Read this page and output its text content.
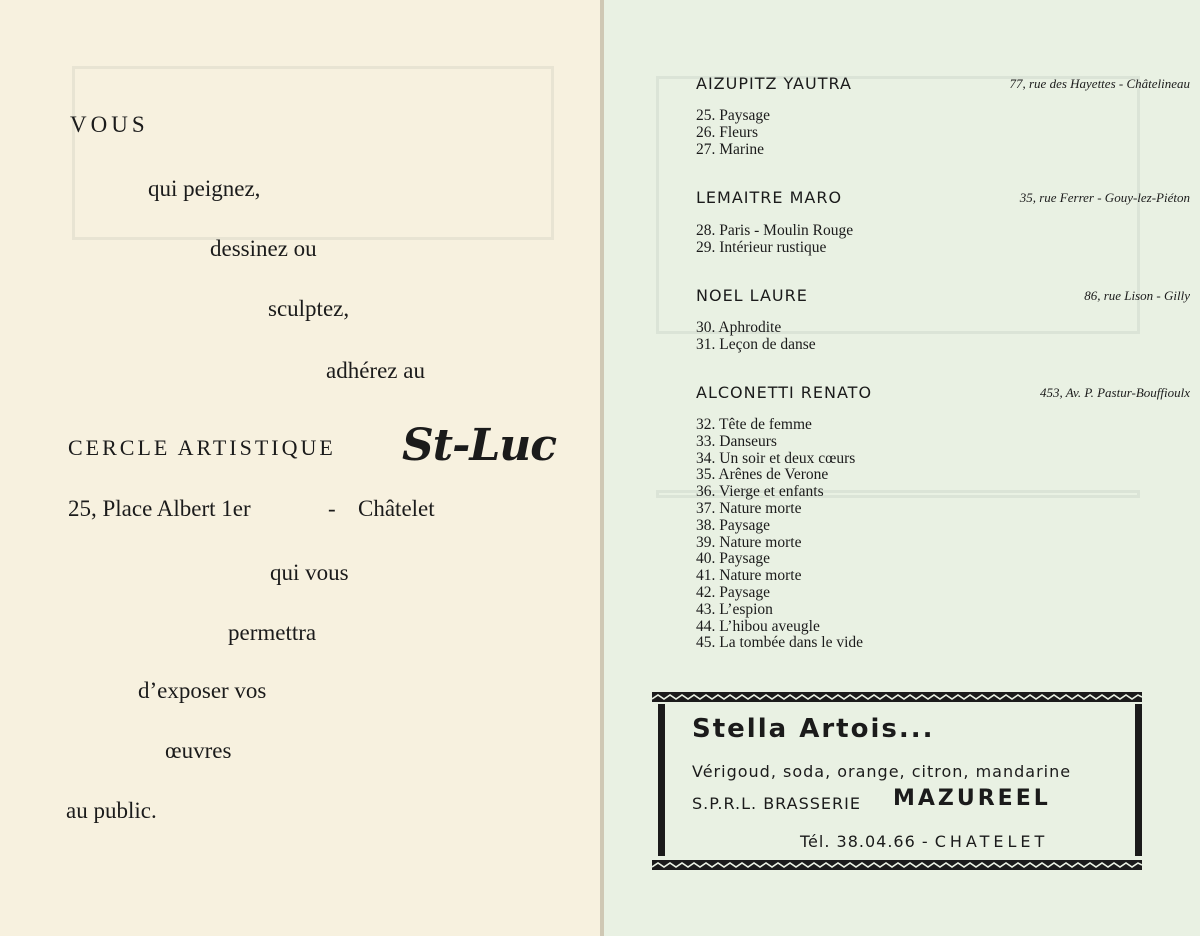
VOUS
qui peignez,
dessinez ou
sculptez,
adhérez au
CERCLE ARTISTIQUE St-Luc
25, Place Albert 1er	- Châtelet
qui vous
permettra
d’exposer vos
œuvres
au public.
AIZUPITZ YAUTRA	77, rue des Hayettes - Châtelineau
25. Paysage
26. Fleurs
27. Marine
LEMAITRE MARO	35, rue Ferrer - Gouy-lez-Piéton
28. Paris - Moulin Rouge
29. Intérieur rustique
NOEL LAURE	86, rue Lison - Gilly
30. Aphrodite
31. Leçon de danse
ALCONETTI RENATO	453, Av. P. Pastur-Bouffioulx
32. Tête de femme
33. Danseurs
34. Un soir et deux cœurs
35. Arênes de Verone
36. Vierge et enfants
37. Nature morte
38. Paysage
39. Nature morte
40. Paysage
41. Nature morte
42. Paysage
43. L’espion
44. L’hibou aveugle
45. La tombée dans le vide
Stella Artois...
Vérigoud, soda, orange, citron, mandarine
S.P.R.L. BRASSERIE MAZUREEL
Tél. 38.04.66 - CHATELET
